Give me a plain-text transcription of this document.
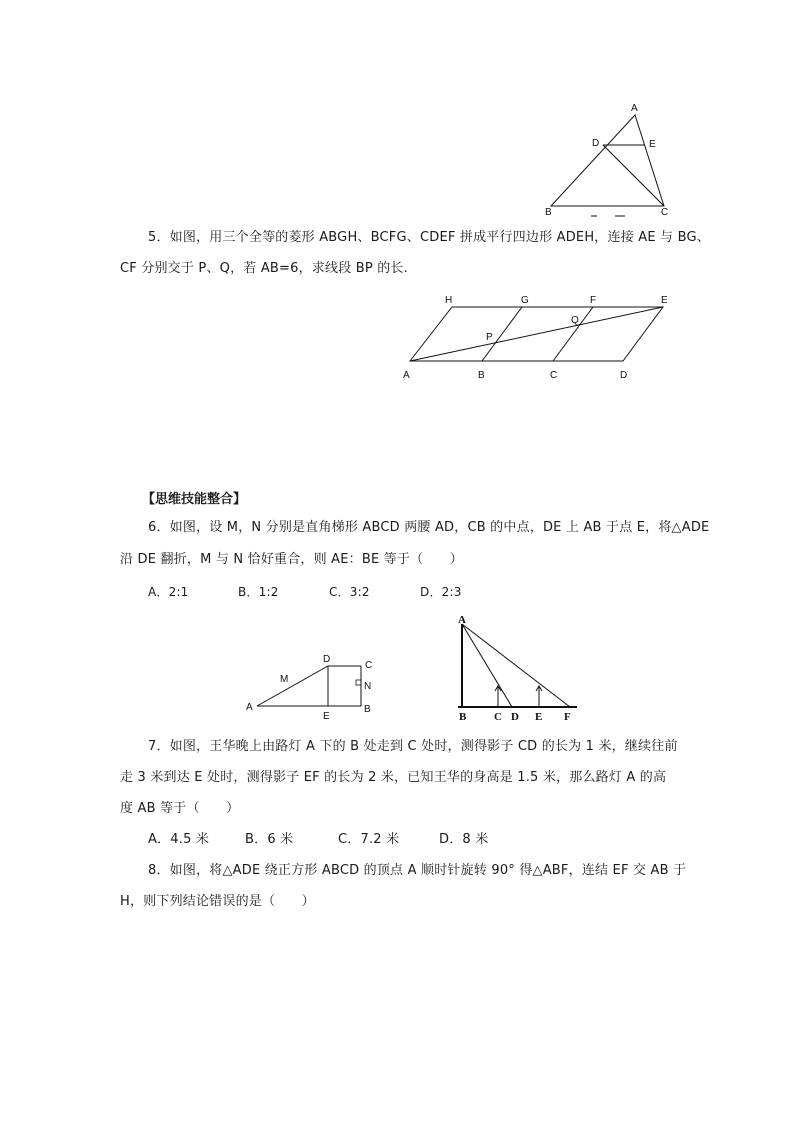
A
D	E
B	C
5．如图，用三个全等的菱形 ABGH、BCFG、CDEF 拼成平行四边形 ADEH，连接 AE 与 BG、
CF 分别交于 P、Q，若 AB=6，求线段 BP 的长.
H	G	F	E
P
Q
A	B	C	D
【思维技能整合】
6．如图，设 M，N 分别是直角梯形 ABCD 两腰 AD，CB 的中点，DE 上 AB 于点 E，将△ADE
沿 DE 翻折，M 与 N 恰好重合，则 AE：BE 等于（　　）
A．2:1	B．1:2	C．3:2	D．2:3
D
C
M
N
A
E
B
A
B	C D E F
7．如图，王华晚上由路灯 A 下的 B 处走到 C 处时，测得影子 CD 的长为 1 米，继续往前
走 3 米到达 E 处时，测得影子 EF 的长为 2 米，已知王华的身高是 1.5 米，那么路灯 A 的高
度 AB 等于（　　）
A．4.5 米	B．6 米	C．7.2 米	D．8 米
8．如图，将△ADE 绕正方形 ABCD 的顶点 A 顺时针旋转 90° 得△ABF，连结 EF 交 AB 于
H，则下列结论错误的是（　　）
